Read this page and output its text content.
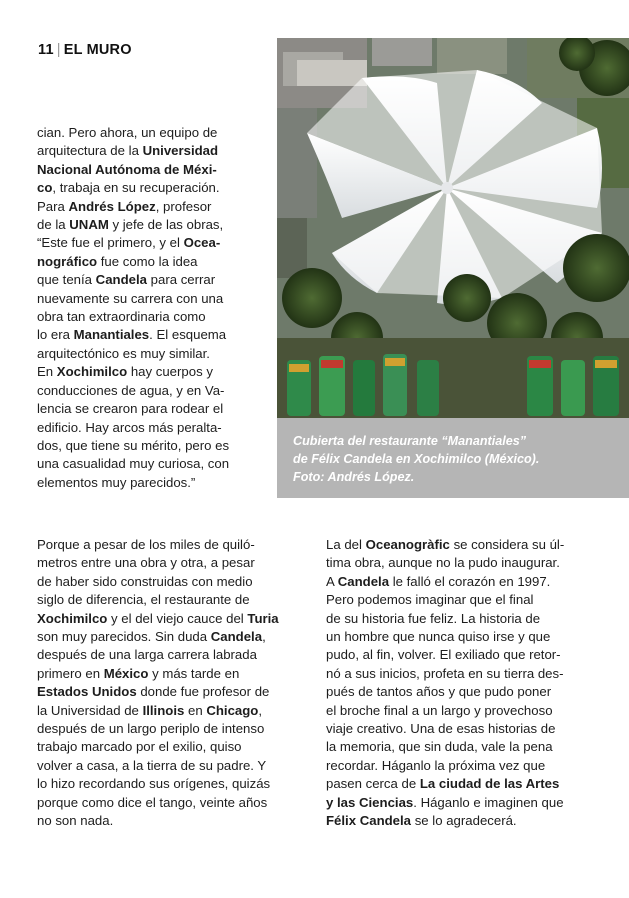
11 | EL MURO

cian. Pero ahora, un equipo de

arquitectura de la Universidad

Nacional Autónoma de Méxi-

co, trabaja en su recuperación.

Para Andrés López, profesor

de la UNAM y jefe de las obras,

“Este fue el primero, y el Ocea-

nográfico fue como la idea

que tenía Candela para cerrar

nuevamente su carrera con una

obra tan extraordinaria como

lo era Manantiales. El esquema

arquitectónico es muy similar.

En Xochimilco hay cuerpos y

conducciones de agua, y en Va-

lencia se crearon para rodear el

edificio. Hay arcos más peralta-

dos, que tiene su mérito, pero es

una casualidad muy curiosa, con

elementos muy parecidos.”

Cubierta del restaurante “Manantiales”
de Félix Candela en Xochimilco (México).
Foto: Andrés López.

Porque a pesar de los miles de quiló-

metros entre una obra y otra, a pesar

de haber sido construidas con medio

siglo de diferencia, el restaurante de

Xochimilco y el del viejo cauce del Turia

son muy parecidos. Sin duda Candela,

después de una larga carrera labrada

primero en México y más tarde en

Estados Unidos donde fue profesor de

la Universidad de Illinois en Chicago,

después de un largo periplo de intenso

trabajo marcado por el exilio, quiso

volver a casa, a la tierra de su padre. Y

lo hizo recordando sus orígenes, quizás

porque como dice el tango, veinte años

no son nada.

La del Oceanogràfic se considera su úl-

tima obra, aunque no la pudo inaugurar.

A Candela le falló el corazón en 1997.

Pero podemos imaginar que el final

de su historia fue feliz. La historia de

un hombre que nunca quiso irse y que

pudo, al fin, volver. El exiliado que retor-

nó a sus inicios, profeta en su tierra des-

pués de tantos años y que pudo poner

el broche final a un largo y provechoso

viaje creativo. Una de esas historias de

la memoria, que sin duda, vale la pena

recordar. Háganlo la próxima vez que

pasen cerca de La ciudad de las Artes

y las Ciencias. Háganlo e imaginen que

Félix Candela se lo agradecerá.
